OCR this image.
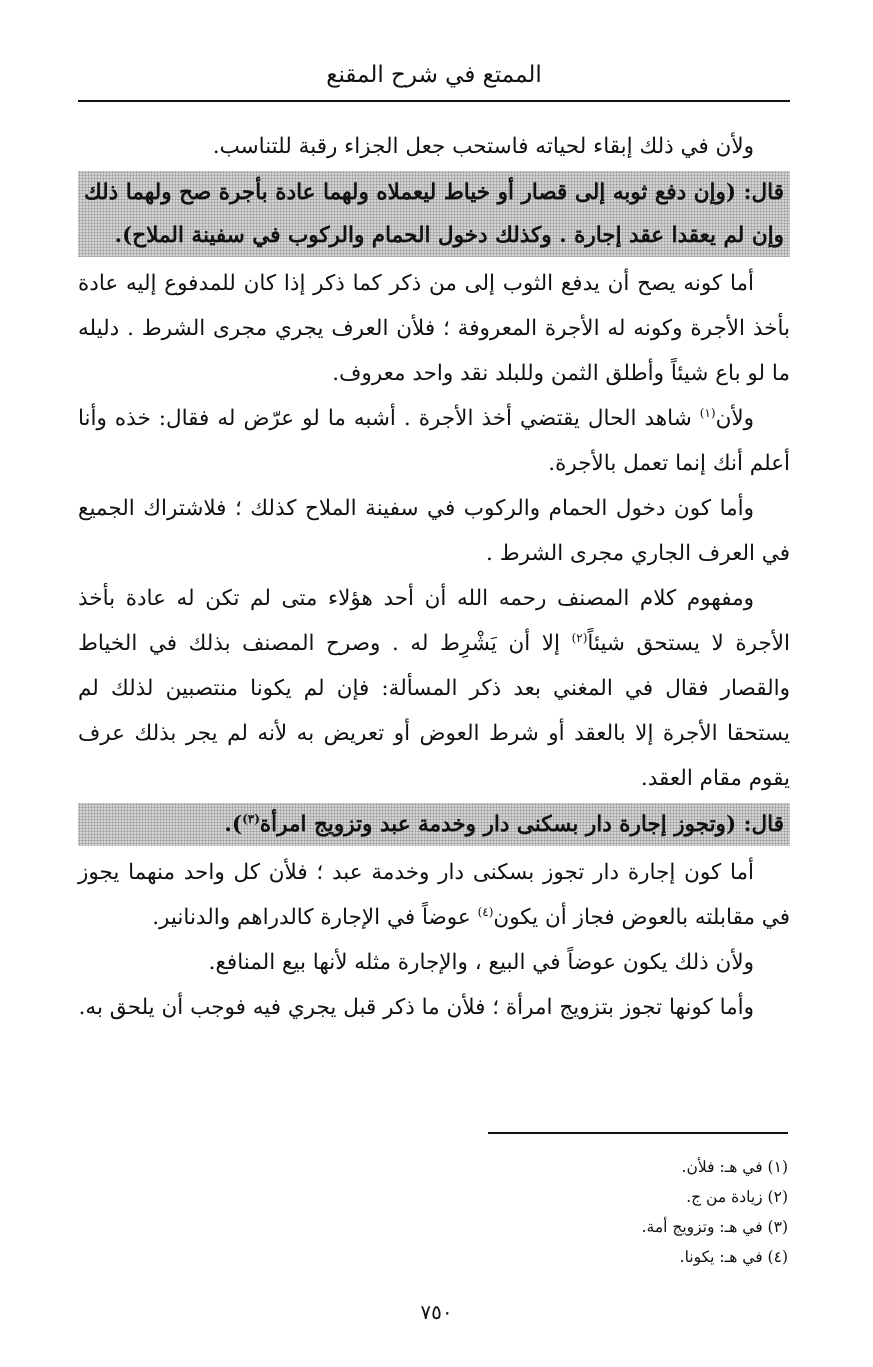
الممتع في شرح المقنع

ولأن في ذلك إبقاء لحياته فاستحب جعل الجزاء رقبة للتناسب.

قال: (وإن دفع ثوبه إلى قصار أو خياط ليعملاه ولهما عادة بأجرة صح ولهما ذلك وإن لم يعقدا عقد إجارة . وكذلك دخول الحمام والركوب في سفينة الملاح).

أما كونه يصح أن يدفع الثوب إلى من ذكر كما ذكر إذا كان للمدفوع إليه عادة بأخذ الأجرة وكونه له الأجرة المعروفة ؛ فلأن العرف يجري مجرى الشرط . دليله ما لو باع شيئاً وأطلق الثمن وللبلد نقد واحد معروف.

ولأن$^{(١)}$ شاهد الحال يقتضي أخذ الأجرة . أشبه ما لو عرّض له فقال: خذه وأنا أعلم أنك إنما تعمل بالأجرة.

وأما كون دخول الحمام والركوب في سفينة الملاح كذلك ؛ فلاشتراك الجميع في العرف الجاري مجرى الشرط .

ومفهوم كلام المصنف رحمه الله أن أحد هؤلاء متى لم تكن له عادة بأخذ الأجرة لا يستحق شيئاً$^{(٢)}$ إلا أن يَشْرِط له . وصرح المصنف بذلك في الخياط والقصار فقال في المغني بعد ذكر المسألة: فإن لم يكونا منتصبين لذلك لم يستحقا الأجرة إلا بالعقد أو شرط العوض أو تعريض به لأنه لم يجر بذلك عرف يقوم مقام العقد.

قال: (وتجوز إجارة دار بسكنى دار وخدمة عبد وتزويج امرأة$^{(٣)}$).

أما كون إجارة دار تجوز بسكنى دار وخدمة عبد ؛ فلأن كل واحد منهما يجوز في مقابلته بالعوض فجاز أن يكون$^{(٤)}$ عوضاً في الإجارة كالدراهم والدنانير.

ولأن ذلك يكون عوضاً في البيع ، والإجارة مثله لأنها بيع المنافع.

وأما كونها تجوز بتزويج امرأة ؛ فلأن ما ذكر قبل يجري فيه فوجب أن يلحق به.

(١) في هـ: فلأن.
(٢) زيادة من ج.
(٣) في هـ: وتزويج أمة.
(٤) في هـ: يكونا.
٧٥٠
